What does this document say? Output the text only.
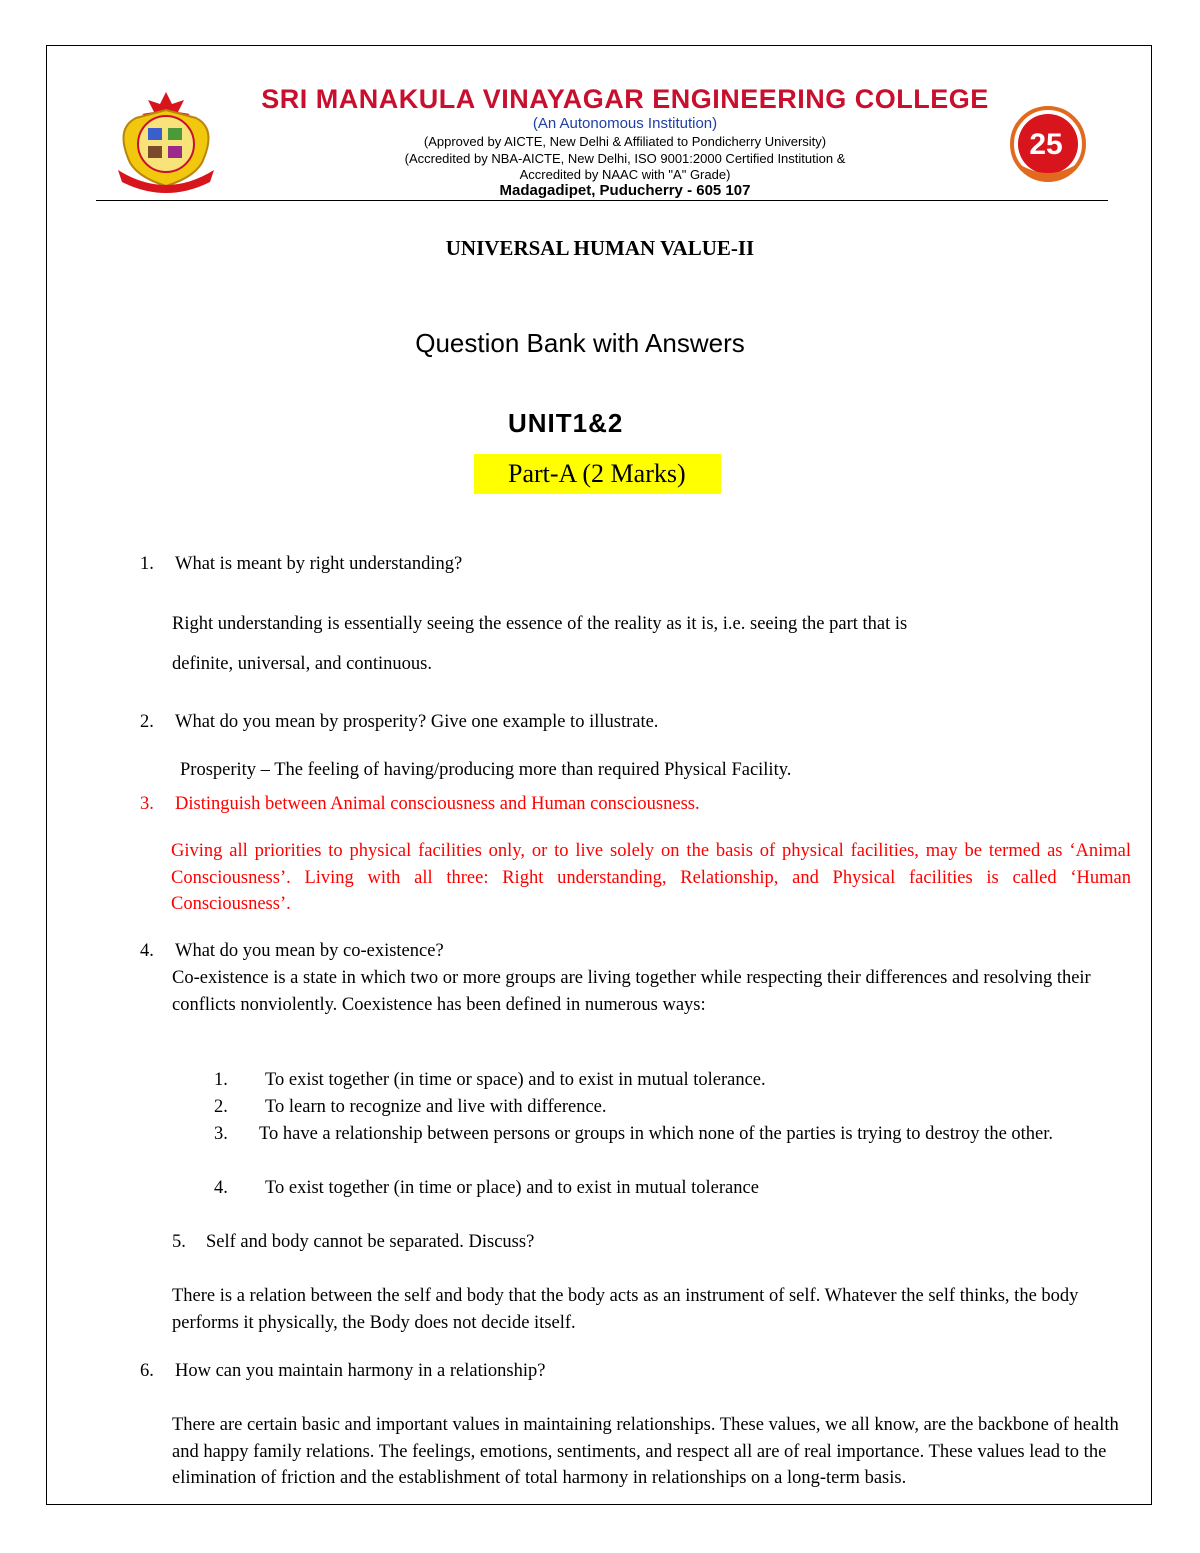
SRI MANAKULA VINAYAGAR ENGINEERING COLLEGE
(An Autonomous Institution)
(Approved by AICTE, New Delhi & Affiliated to Pondicherry University)
(Accredited by NBA-AICTE, New Delhi, ISO 9001:2000 Certified Institution &
Accredited by NAAC with "A" Grade)
Madagadipet, Puducherry - 605 107
25
UNIVERSAL HUMAN VALUE-II
Question Bank with Answers
UNIT1&2
Part-A (2 Marks)
1. What is meant by right understanding?
Right understanding is essentially seeing the essence of the reality as it is, i.e. seeing the part that is
definite, universal, and continuous.
2. What do you mean by prosperity? Give one example to illustrate.
Prosperity – The feeling of having/producing more than required Physical Facility.
3. Distinguish between Animal consciousness and Human consciousness.
Giving all priorities to physical facilities only, or to live solely on the basis of physical facilities, may be termed as ‘Animal Consciousness’. Living with all three: Right understanding, Relationship, and Physical facilities is called ‘Human Consciousness’.
4. What do you mean by co-existence?
Co-existence is a state in which two or more groups are living together while respecting their differences and resolving their conflicts nonviolently. Coexistence has been defined in numerous ways:
1. To exist together (in time or space) and to exist in mutual tolerance.
2. To learn to recognize and live with difference.
3. To have a relationship between persons or groups in which none of the parties is trying to destroy the other.
4. To exist together (in time or place) and to exist in mutual tolerance
5. Self and body cannot be separated. Discuss?
There is a relation between the self and body that the body acts as an instrument of self. Whatever the self thinks, the body performs it physically, the Body does not decide itself.
6. How can you maintain harmony in a relationship?
There are certain basic and important values in maintaining relationships. These values, we all know, are the backbone of health and happy family relations. The feelings, emotions, sentiments, and respect all are of real importance. These values lead to the elimination of friction and the establishment of total harmony in relationships on a long-term basis.
